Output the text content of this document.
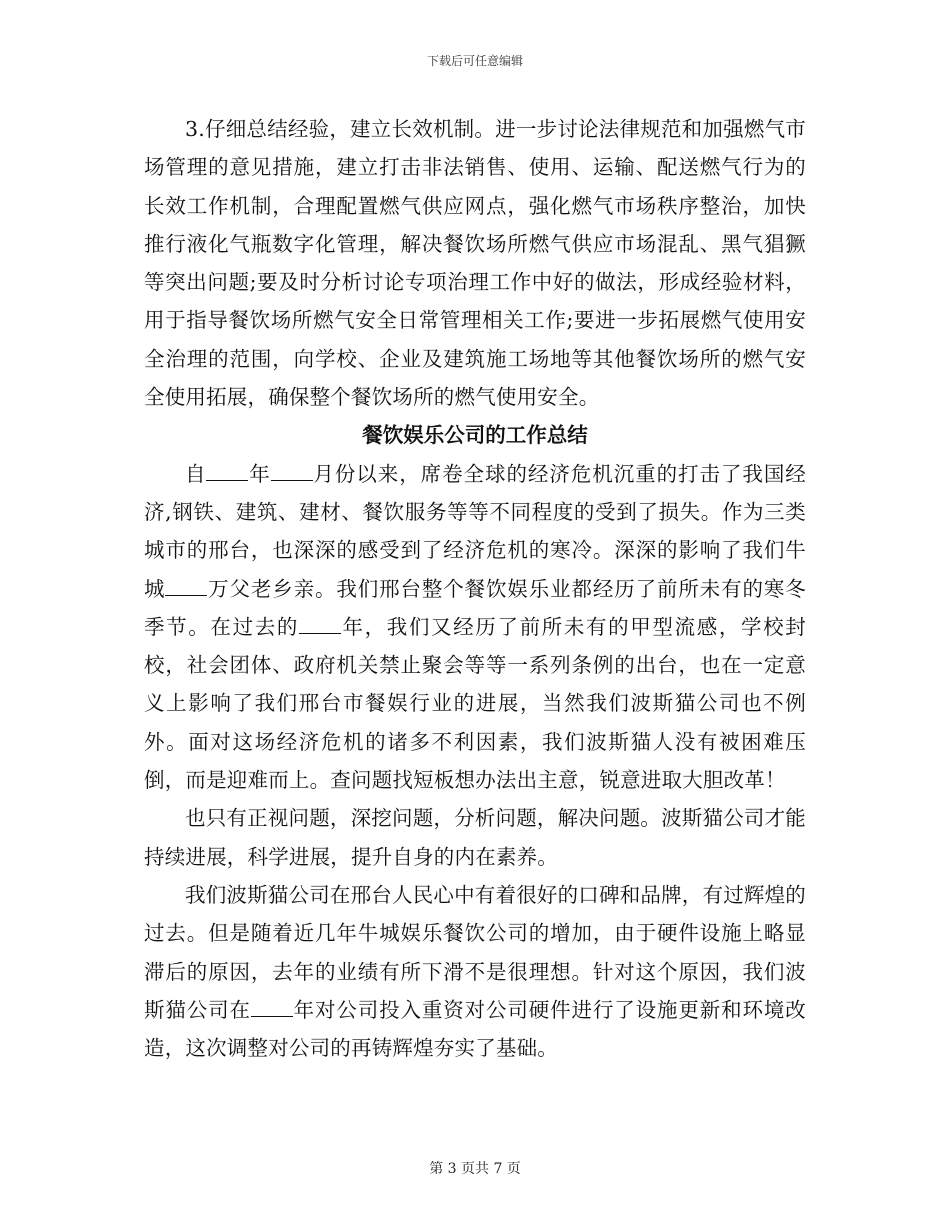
下载后可任意编辑

3.仔细总结经验，建立长效机制。进一步讨论法律规范和加强燃气市场管理的意见措施，建立打击非法销售、使用、运输、配送燃气行为的长效工作机制，合理配置燃气供应网点，强化燃气市场秩序整治，加快推行液化气瓶数字化管理，解决餐饮场所燃气供应市场混乱、黑气猖獗等突出问题;要及时分析讨论专项治理工作中好的做法，形成经验材料，用于指导餐饮场所燃气安全日常管理相关工作;要进一步拓展燃气使用安全治理的范围，向学校、企业及建筑施工场地等其他餐饮场所的燃气安全使用拓展，确保整个餐饮场所的燃气使用安全。

餐饮娱乐公司的工作总结

自 年 月份以来，席卷全球的经济危机沉重的打击了我国经济,钢铁、建筑、建材、餐饮服务等等不同程度的受到了损失。作为三类城市的邢台，也深深的感受到了经济危机的寒冷。深深的影响了我们牛城 万父老乡亲。我们邢台整个餐饮娱乐业都经历了前所未有的寒冬季节。在过去的 年，我们又经历了前所未有的甲型流感，学校封校，社会团体、政府机关禁止聚会等等一系列条例的出台，也在一定意义上影响了我们邢台市餐娱行业的进展，当然我们波斯猫公司也不例外。面对这场经济危机的诸多不利因素，我们波斯猫人没有被困难压倒，而是迎难而上。查问题找短板想办法出主意，锐意进取大胆改革！

也只有正视问题，深挖问题，分析问题，解决问题。波斯猫公司才能持续进展，科学进展，提升自身的内在素养。

我们波斯猫公司在邢台人民心中有着很好的口碑和品牌，有过辉煌的过去。但是随着近几年牛城娱乐餐饮公司的增加，由于硬件设施上略显滞后的原因，去年的业绩有所下滑不是很理想。针对这个原因，我们波斯猫公司在 年对公司投入重资对公司硬件进行了设施更新和环境改造，这次调整对公司的再铸辉煌夯实了基础。

第 3 页共 7 页
